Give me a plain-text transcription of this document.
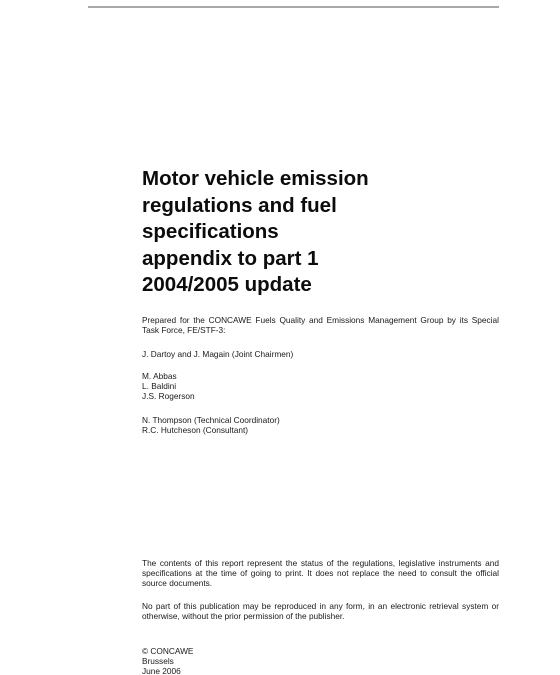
Motor vehicle emission
regulations and fuel
specifications
appendix to part 1
2004/2005 update
Prepared for the CONCAWE Fuels Quality and Emissions Management Group by its Special Task Force, FE/STF-3:
J. Dartoy and J. Magain (Joint Chairmen)
M. Abbas
L. Baldini
J.S. Rogerson
N. Thompson (Technical Coordinator)
R.C. Hutcheson (Consultant)
The contents of this report represent the status of the regulations, legislative instruments and specifications at the time of going to print. It does not replace the need to consult the official source documents.
No part of this publication may be reproduced in any form, in an electronic retrieval system or otherwise, without the prior permission of the publisher.
© CONCAWE
Brussels
June 2006
